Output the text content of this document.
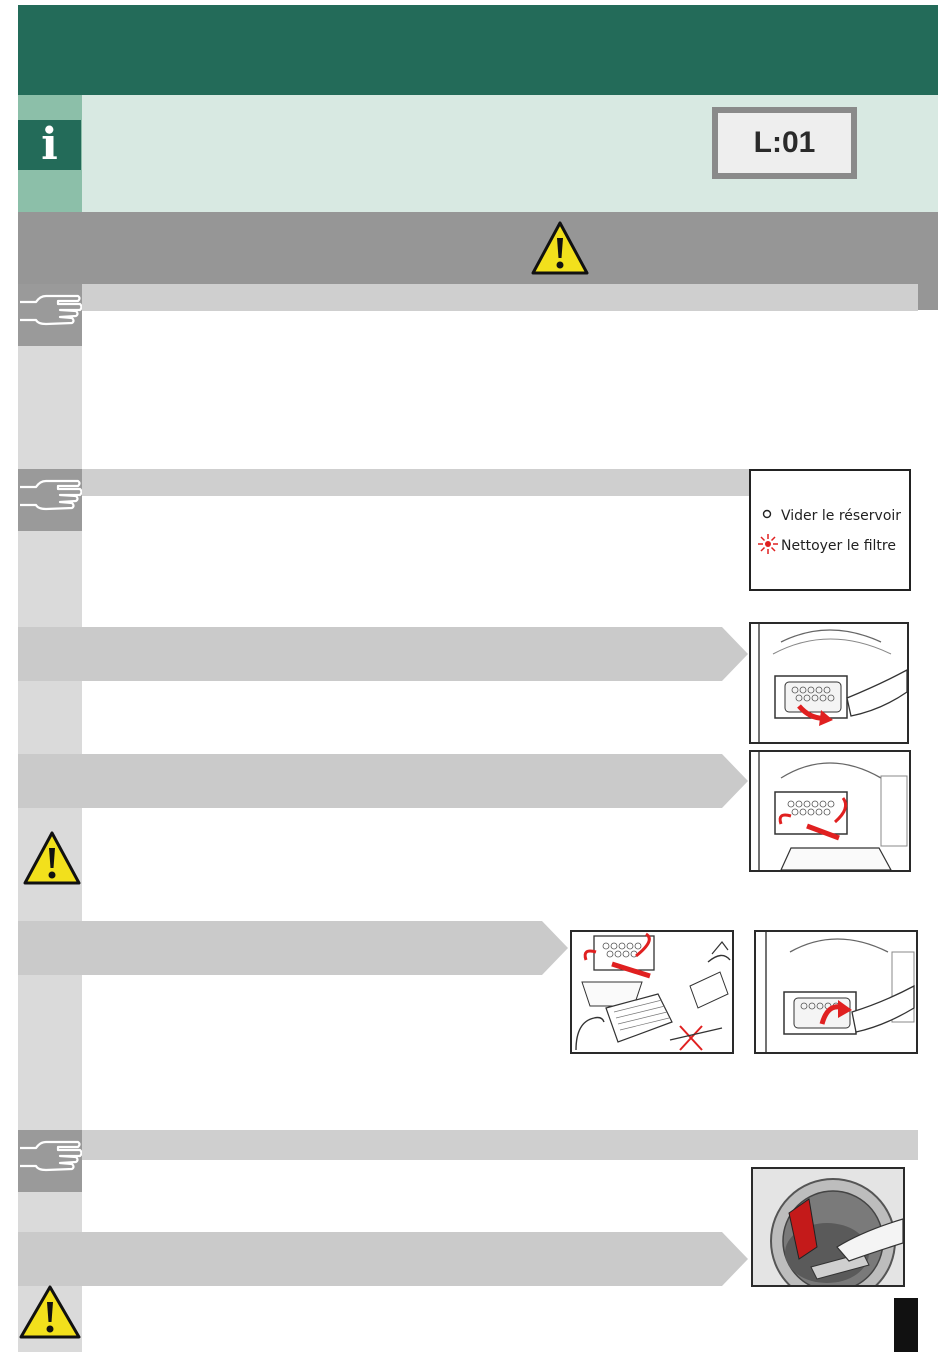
i	L:01
Vider le réservoir
Nettoyer le filtre
